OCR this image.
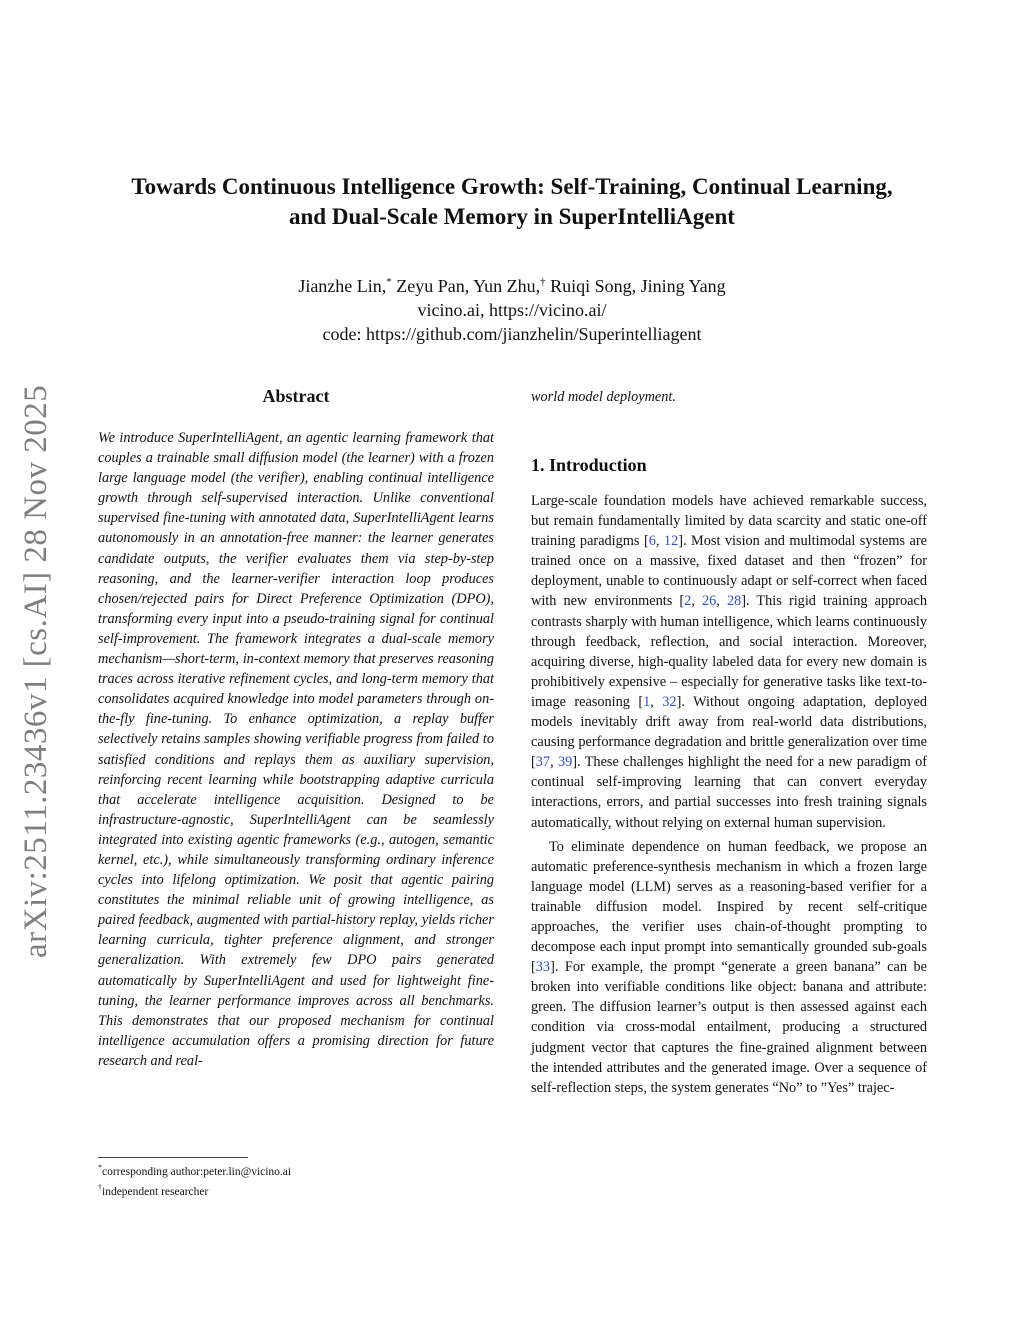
arXiv:2511.23436v1 [cs.AI] 28 Nov 2025
Towards Continuous Intelligence Growth: Self-Training, Continual Learning,
and Dual-Scale Memory in SuperIntelliAgent
Jianzhe Lin,* Zeyu Pan, Yun Zhu,† Ruiqi Song, Jining Yang
vicino.ai, https://vicino.ai/
code: https://github.com/jianzhelin/Superintelliagent
Abstract
We introduce SuperIntelliAgent, an agentic learning framework that couples a trainable small diffusion model (the learner) with a frozen large language model (the verifier), enabling continual intelligence growth through self-supervised interaction. Unlike conventional supervised fine-tuning with annotated data, SuperIntelliAgent learns autonomously in an annotation-free manner: the learner generates candidate outputs, the verifier evaluates them via step-by-step reasoning, and the learner-verifier interaction loop produces chosen/rejected pairs for Direct Preference Optimization (DPO), transforming every input into a pseudo-training signal for continual self-improvement. The framework integrates a dual-scale memory mechanism—short-term, in-context memory that preserves reasoning traces across iterative refinement cycles, and long-term memory that consolidates acquired knowledge into model parameters through on-the-fly fine-tuning. To enhance optimization, a replay buffer selectively retains samples showing verifiable progress from failed to satisfied conditions and replays them as auxiliary supervision, reinforcing recent learning while bootstrapping adaptive curricula that accelerate intelligence acquisition. Designed to be infrastructure-agnostic, SuperIntelliAgent can be seamlessly integrated into existing agentic frameworks (e.g., autogen, semantic kernel, etc.), while simultaneously transforming ordinary inference cycles into lifelong optimization. We posit that agentic pairing constitutes the minimal reliable unit of growing intelligence, as paired feedback, augmented with partial-history replay, yields richer learning curricula, tighter preference alignment, and stronger generalization. With extremely few DPO pairs generated automatically by SuperIntelliAgent and used for lightweight fine-tuning, the learner performance improves across all benchmarks. This demonstrates that our proposed mechanism for continual intelligence accumulation offers a promising direction for future research and real-

*corresponding author:peter.lin@vicino.ai

†independent researcher

world model deployment.
1. Introduction

Large-scale foundation models have achieved remarkable success, but remain fundamentally limited by data scarcity and static one-off training paradigms [6, 12]. Most vision and multimodal systems are trained once on a massive, fixed dataset and then “frozen” for deployment, unable to continuously adapt or self-correct when faced with new environments [2, 26, 28]. This rigid training approach contrasts sharply with human intelligence, which learns continuously through feedback, reflection, and social interaction. Moreover, acquiring diverse, high-quality labeled data for every new domain is prohibitively expensive – especially for generative tasks like text-to-image reasoning [1, 32]. Without ongoing adaptation, deployed models inevitably drift away from real-world data distributions, causing performance degradation and brittle generalization over time [37, 39]. These challenges highlight the need for a new paradigm of continual self-improving learning that can convert everyday interactions, errors, and partial successes into fresh training signals automatically, without relying on external human supervision.

To eliminate dependence on human feedback, we propose an automatic preference-synthesis mechanism in which a frozen large language model (LLM) serves as a reasoning-based verifier for a trainable diffusion model. Inspired by recent self-critique approaches, the verifier uses chain-of-thought prompting to decompose each input prompt into semantically grounded sub-goals [33]. For example, the prompt “generate a green banana” can be broken into verifiable conditions like object: banana and attribute: green. The diffusion learner’s output is then assessed against each condition via cross-modal entailment, producing a structured judgment vector that captures the fine-grained alignment between the intended attributes and the generated image. Over a sequence of self-reflection steps, the system generates “No” to ”Yes” trajec-
